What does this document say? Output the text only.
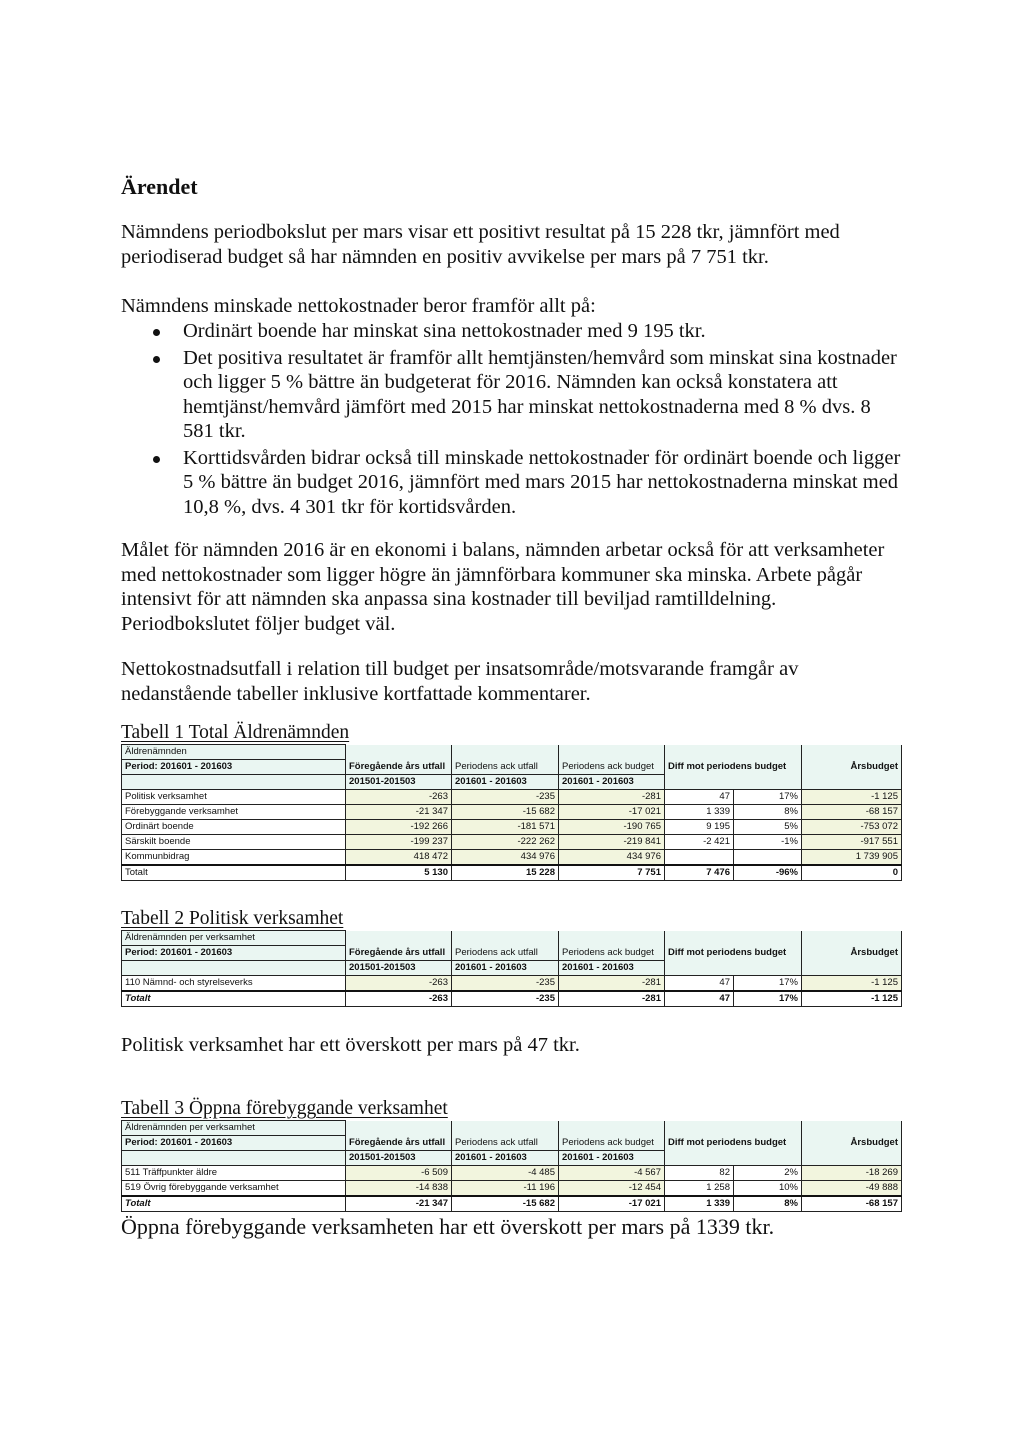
Ärendet

Nämndens periodbokslut per mars visar ett positivt resultat på 15 228 tkr, jämnfört med periodiserad budget så har nämnden en positiv avvikelse per mars på 7 751 tkr.

Nämndens minskade nettokostnader beror framför allt på:

Ordinärt boende har minskat sina nettokostnader med 9 195 tkr.
Det positiva resultatet är framför allt hemtjänsten/hemvård som minskat sina kostnader och ligger 5 % bättre än budgeterat för 2016. Nämnden kan också konstatera att hemtjänst/hemvård jämfört med 2015 har minskat nettokostnaderna med 8 % dvs. 8 581 tkr.
Korttidsvården bidrar också till minskade nettokostnader för ordinärt boende och ligger 5 % bättre än budget 2016, jämnfört med mars 2015 har nettokostnaderna minskat med 10,8 %, dvs. 4 301 tkr för kortidsvården.

Målet för nämnden 2016 är en ekonomi i balans, nämnden arbetar också för att verksamheter med nettokostnader som ligger högre än jämnförbara kommuner ska minska. Arbete pågår intensivt för att nämnden ska anpassa sina kostnader till beviljad ramtilldelning. Periodbokslutet följer budget väl.

Nettokostnadsutfall i relation till budget per insatsområde/motsvarande framgår av nedanstående tabeller inklusive kortfattade kommentarer.

Tabell 1 Total Äldrenämnden

Äldrenämnden						
Period: 201601 - 201603	Föregående års utfall	Periodens ack utfall	Periodens ack budget	Diff mot periodens budget		Årsbudget
	201501-201503	201601 - 201603	201601 - 201603			
Politisk verksamhet	-263	-235	-281	47	17%	-1 125
Förebyggande verksamhet	-21 347	-15 682	-17 021	1 339	8%	-68 157
Ordinärt boende	-192 266	-181 571	-190 765	9 195	5%	-753 072
Särskilt boende	-199 237	-222 262	-219 841	-2 421	-1%	-917 551
Kommunbidrag	418 472	434 976	434 976			1 739 905
Totalt	5 130	15 228	7 751	7 476	-96%	0

Tabell 2 Politisk verksamhet

Äldrenämnden per verksamhet						
Period: 201601 - 201603	Föregående års utfall	Periodens ack utfall	Periodens ack budget	Diff mot periodens budget		Årsbudget
	201501-201503	201601 - 201603	201601 - 201603			
110 Nämnd- och styrelseverks	-263	-235	-281	47	17%	-1 125
Totalt	-263	-235	-281	47	17%	-1 125

Politisk verksamhet har ett överskott per mars på 47 tkr.

Tabell 3 Öppna förebyggande verksamhet

Äldrenämnden per verksamhet						
Period: 201601 - 201603	Föregående års utfall	Periodens ack utfall	Periodens ack budget	Diff mot periodens budget		Årsbudget
	201501-201503	201601 - 201603	201601 - 201603			
511 Träffpunkter äldre	-6 509	-4 485	-4 567	82	2%	-18 269
519 Övrig förebyggande verksamhet	-14 838	-11 196	-12 454	1 258	10%	-49 888
Totalt	-21 347	-15 682	-17 021	1 339	8%	-68 157

Öppna förebyggande verksamheten har ett överskott per mars på 1339 tkr.
